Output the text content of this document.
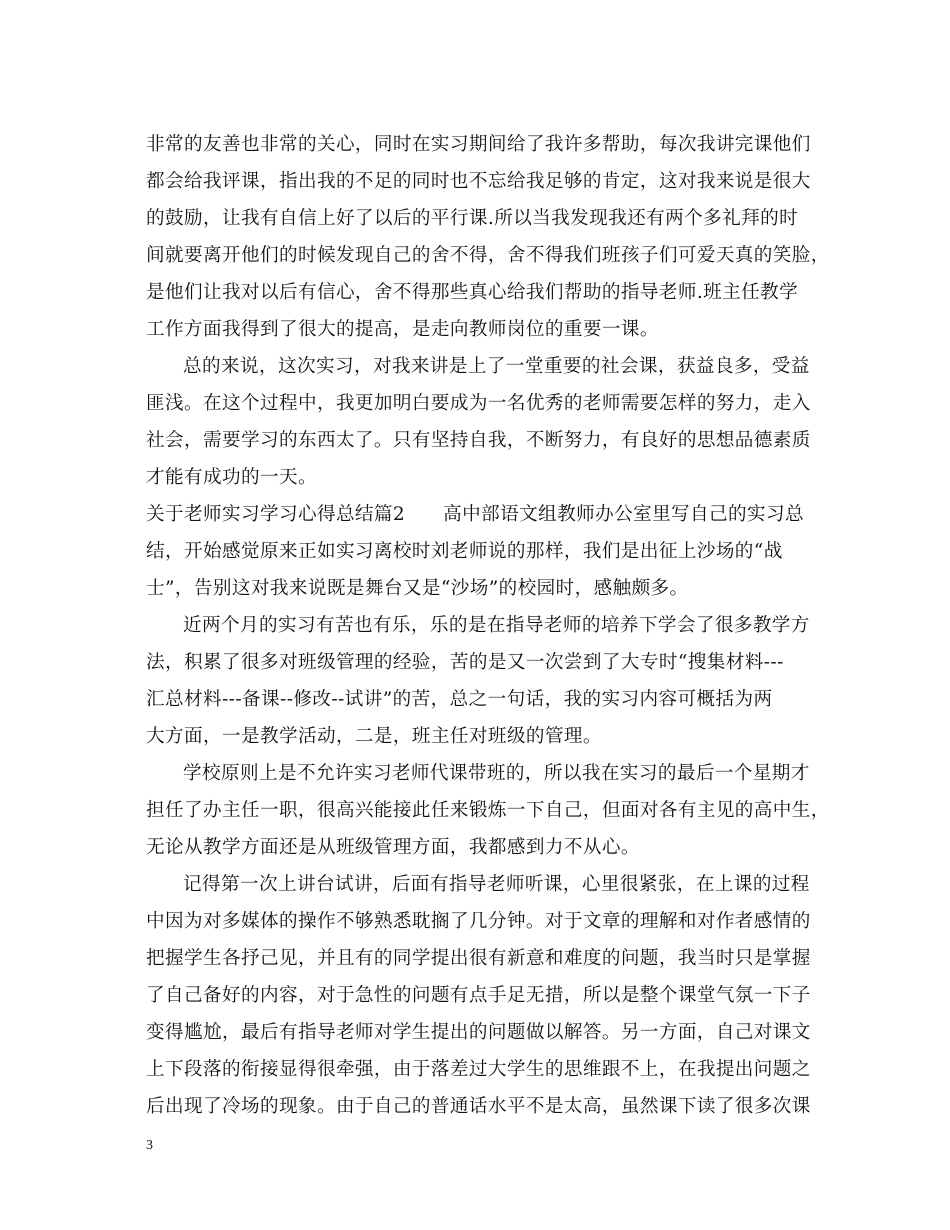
非常的友善也非常的关心，同时在实习期间给了我许多帮助，每次我讲完课他们
都会给我评课，指出我的不足的同时也不忘给我足够的肯定，这对我来说是很大
的鼓励，让我有自信上好了以后的平行课.所以当我发现我还有两个多礼拜的时
间就要离开他们的时候发现自己的舍不得，舍不得我们班孩子们可爱天真的笑脸，
是他们让我对以后有信心，舍不得那些真心给我们帮助的指导老师.班主任教学
工作方面我得到了很大的提高，是走向教师岗位的重要一课。
总的来说，这次实习，对我来讲是上了一堂重要的社会课，获益良多，受益
匪浅。在这个过程中，我更加明白要成为一名优秀的老师需要怎样的努力，走入
社会，需要学习的东西太了。只有坚持自我，不断努力，有良好的思想品德素质
才能有成功的一天。
关于老师实习学习心得总结篇2　　高中部语文组教师办公室里写自己的实习总
结，开始感觉原来正如实习离校时刘老师说的那样，我们是出征上沙场的“战
士”，告别这对我来说既是舞台又是“沙场”的校园时，感触颇多。
近两个月的实习有苦也有乐，乐的是在指导老师的培养下学会了很多教学方
法，积累了很多对班级管理的经验，苦的是又一次尝到了大专时“搜集材料---
汇总材料---备课--修改--试讲”的苦，总之一句话，我的实习内容可概括为两
大方面，一是教学活动，二是，班主任对班级的管理。
学校原则上是不允许实习老师代课带班的，所以我在实习的最后一个星期才
担任了办主任一职，很高兴能接此任来锻炼一下自己，但面对各有主见的高中生，
无论从教学方面还是从班级管理方面，我都感到力不从心。
记得第一次上讲台试讲，后面有指导老师听课，心里很紧张，在上课的过程
中因为对多媒体的操作不够熟悉耽搁了几分钟。对于文章的理解和对作者感情的
把握学生各抒己见，并且有的同学提出很有新意和难度的问题，我当时只是掌握
了自己备好的内容，对于急性的问题有点手足无措，所以是整个课堂气氛一下子
变得尴尬，最后有指导老师对学生提出的问题做以解答。另一方面，自己对课文
上下段落的衔接显得很牵强，由于落差过大学生的思维跟不上，在我提出问题之
后出现了冷场的现象。由于自己的普通话水平不是太高，虽然课下读了很多次课
3
